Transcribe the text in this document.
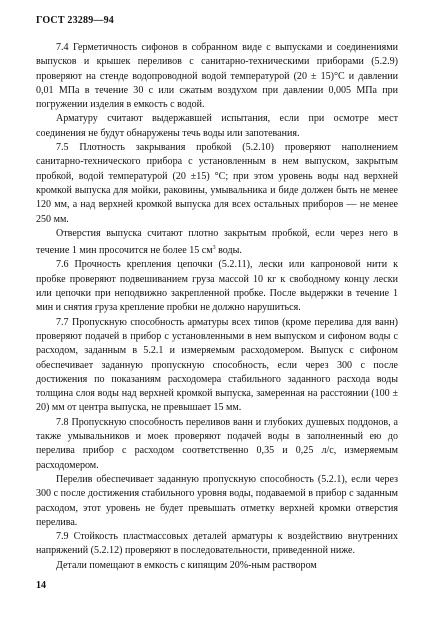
ГОСТ 23289—94

7.4 Герметичность сифонов в собранном виде с выпусками и соединениями выпусков и крышек переливов с санитарно-техническими приборами (5.2.9) проверяют на стенде водопроводной водой температурой (20 ± 15)°С и давлении 0,01 МПа в течение 30 с или сжатым воздухом при давлении 0,005 МПа при погружении изделия в емкость с водой.

Арматуру считают выдержавшей испытания, если при осмотре мест соединения не будут обнаружены течь воды или запотевания.

7.5 Плотность закрывания пробкой (5.2.10) проверяют наполнением санитарно-технического прибора с установленным в нем выпуском, закрытым пробкой, водой температурой (20 ±15) °С; при этом уровень воды над верхней кромкой выпуска для мойки, раковины, умывальника и биде должен быть не менее 120 мм, а над верхней кромкой выпуска для всех остальных приборов — не менее 250 мм.

Отверстия выпуска считают плотно закрытым пробкой, если через него в течение 1 мин просочится не более 15 $см^3$ воды.

7.6 Прочность крепления цепочки (5.2.11), лески или капроновой нити к пробке проверяют подвешиванием груза массой 10 кг к свободному концу лески или цепочки при неподвижно закрепленной пробке. После выдержки в течение 1 мин и снятия груза крепление пробки не должно нарушиться.

7.7 Пропускную способность арматуры всех типов (кроме перелива для ванн) проверяют подачей в прибор с установленными в нем выпуском и сифоном воды с расходом, заданным в 5.2.1 и измеряемым расходомером. Выпуск с сифоном обеспечивает заданную пропускную способность, если через 300 с после достижения по показаниям расходомера стабильного заданного расхода воды толщина слоя воды над верхней кромкой выпуска, замеренная на расстоянии (100 ± 20) мм от центра выпуска, не превышает 15 мм.

7.8 Пропускную способность переливов ванн и глубоких душевых поддонов, а также умывальников и моек проверяют подачей воды в заполненный ею до перелива прибор с расходом соответственно 0,35 и 0,25 л/с, измеряемым расходомером.

Перелив обеспечивает заданную пропускную способность (5.2.1), если через 300 с после достижения стабильного уровня воды, подаваемой в прибор с заданным расходом, этот уровень не будет превышать отметку верхней кромки отверстия перелива.

7.9 Стойкость пластмассовых деталей арматуры к воздействию внутренних напряжений (5.2.12) проверяют в последовательности, приведенной ниже.

Детали помещают в емкость с кипящим 20%-ным раствором

14
